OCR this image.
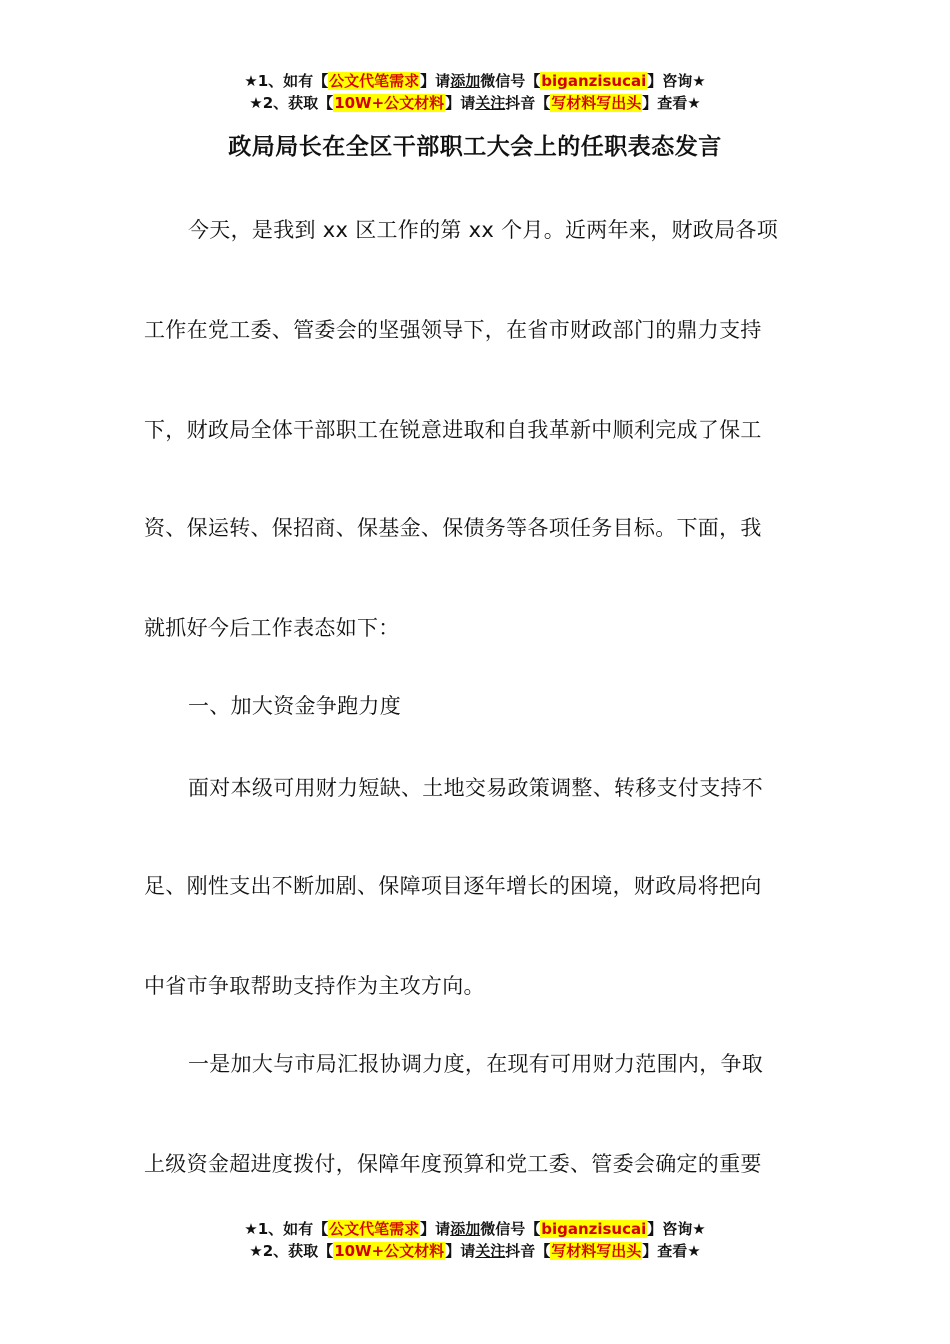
★1、如有【公文代笔需求】请添加微信号【biganzisucai】咨询★
★2、获取【10W+公文材料】请关注抖音【写材料写出头】查看★
政局局长在全区干部职工大会上的任职表态发言
今天，是我到 xx 区工作的第 xx 个月。近两年来，财政局各项
工作在党工委、管委会的坚强领导下，在省市财政部门的鼎力支持
下，财政局全体干部职工在锐意进取和自我革新中顺利完成了保工
资、保运转、保招商、保基金、保债务等各项任务目标。下面，我
就抓好今后工作表态如下：
一、加大资金争跑力度
面对本级可用财力短缺、土地交易政策调整、转移支付支持不
足、刚性支出不断加剧、保障项目逐年增长的困境，财政局将把向
中省市争取帮助支持作为主攻方向。
一是加大与市局汇报协调力度，在现有可用财力范围内，争取
上级资金超进度拨付，保障年度预算和党工委、管委会确定的重要
★1、如有【公文代笔需求】请添加微信号【biganzisucai】咨询★
★2、获取【10W+公文材料】请关注抖音【写材料写出头】查看★
